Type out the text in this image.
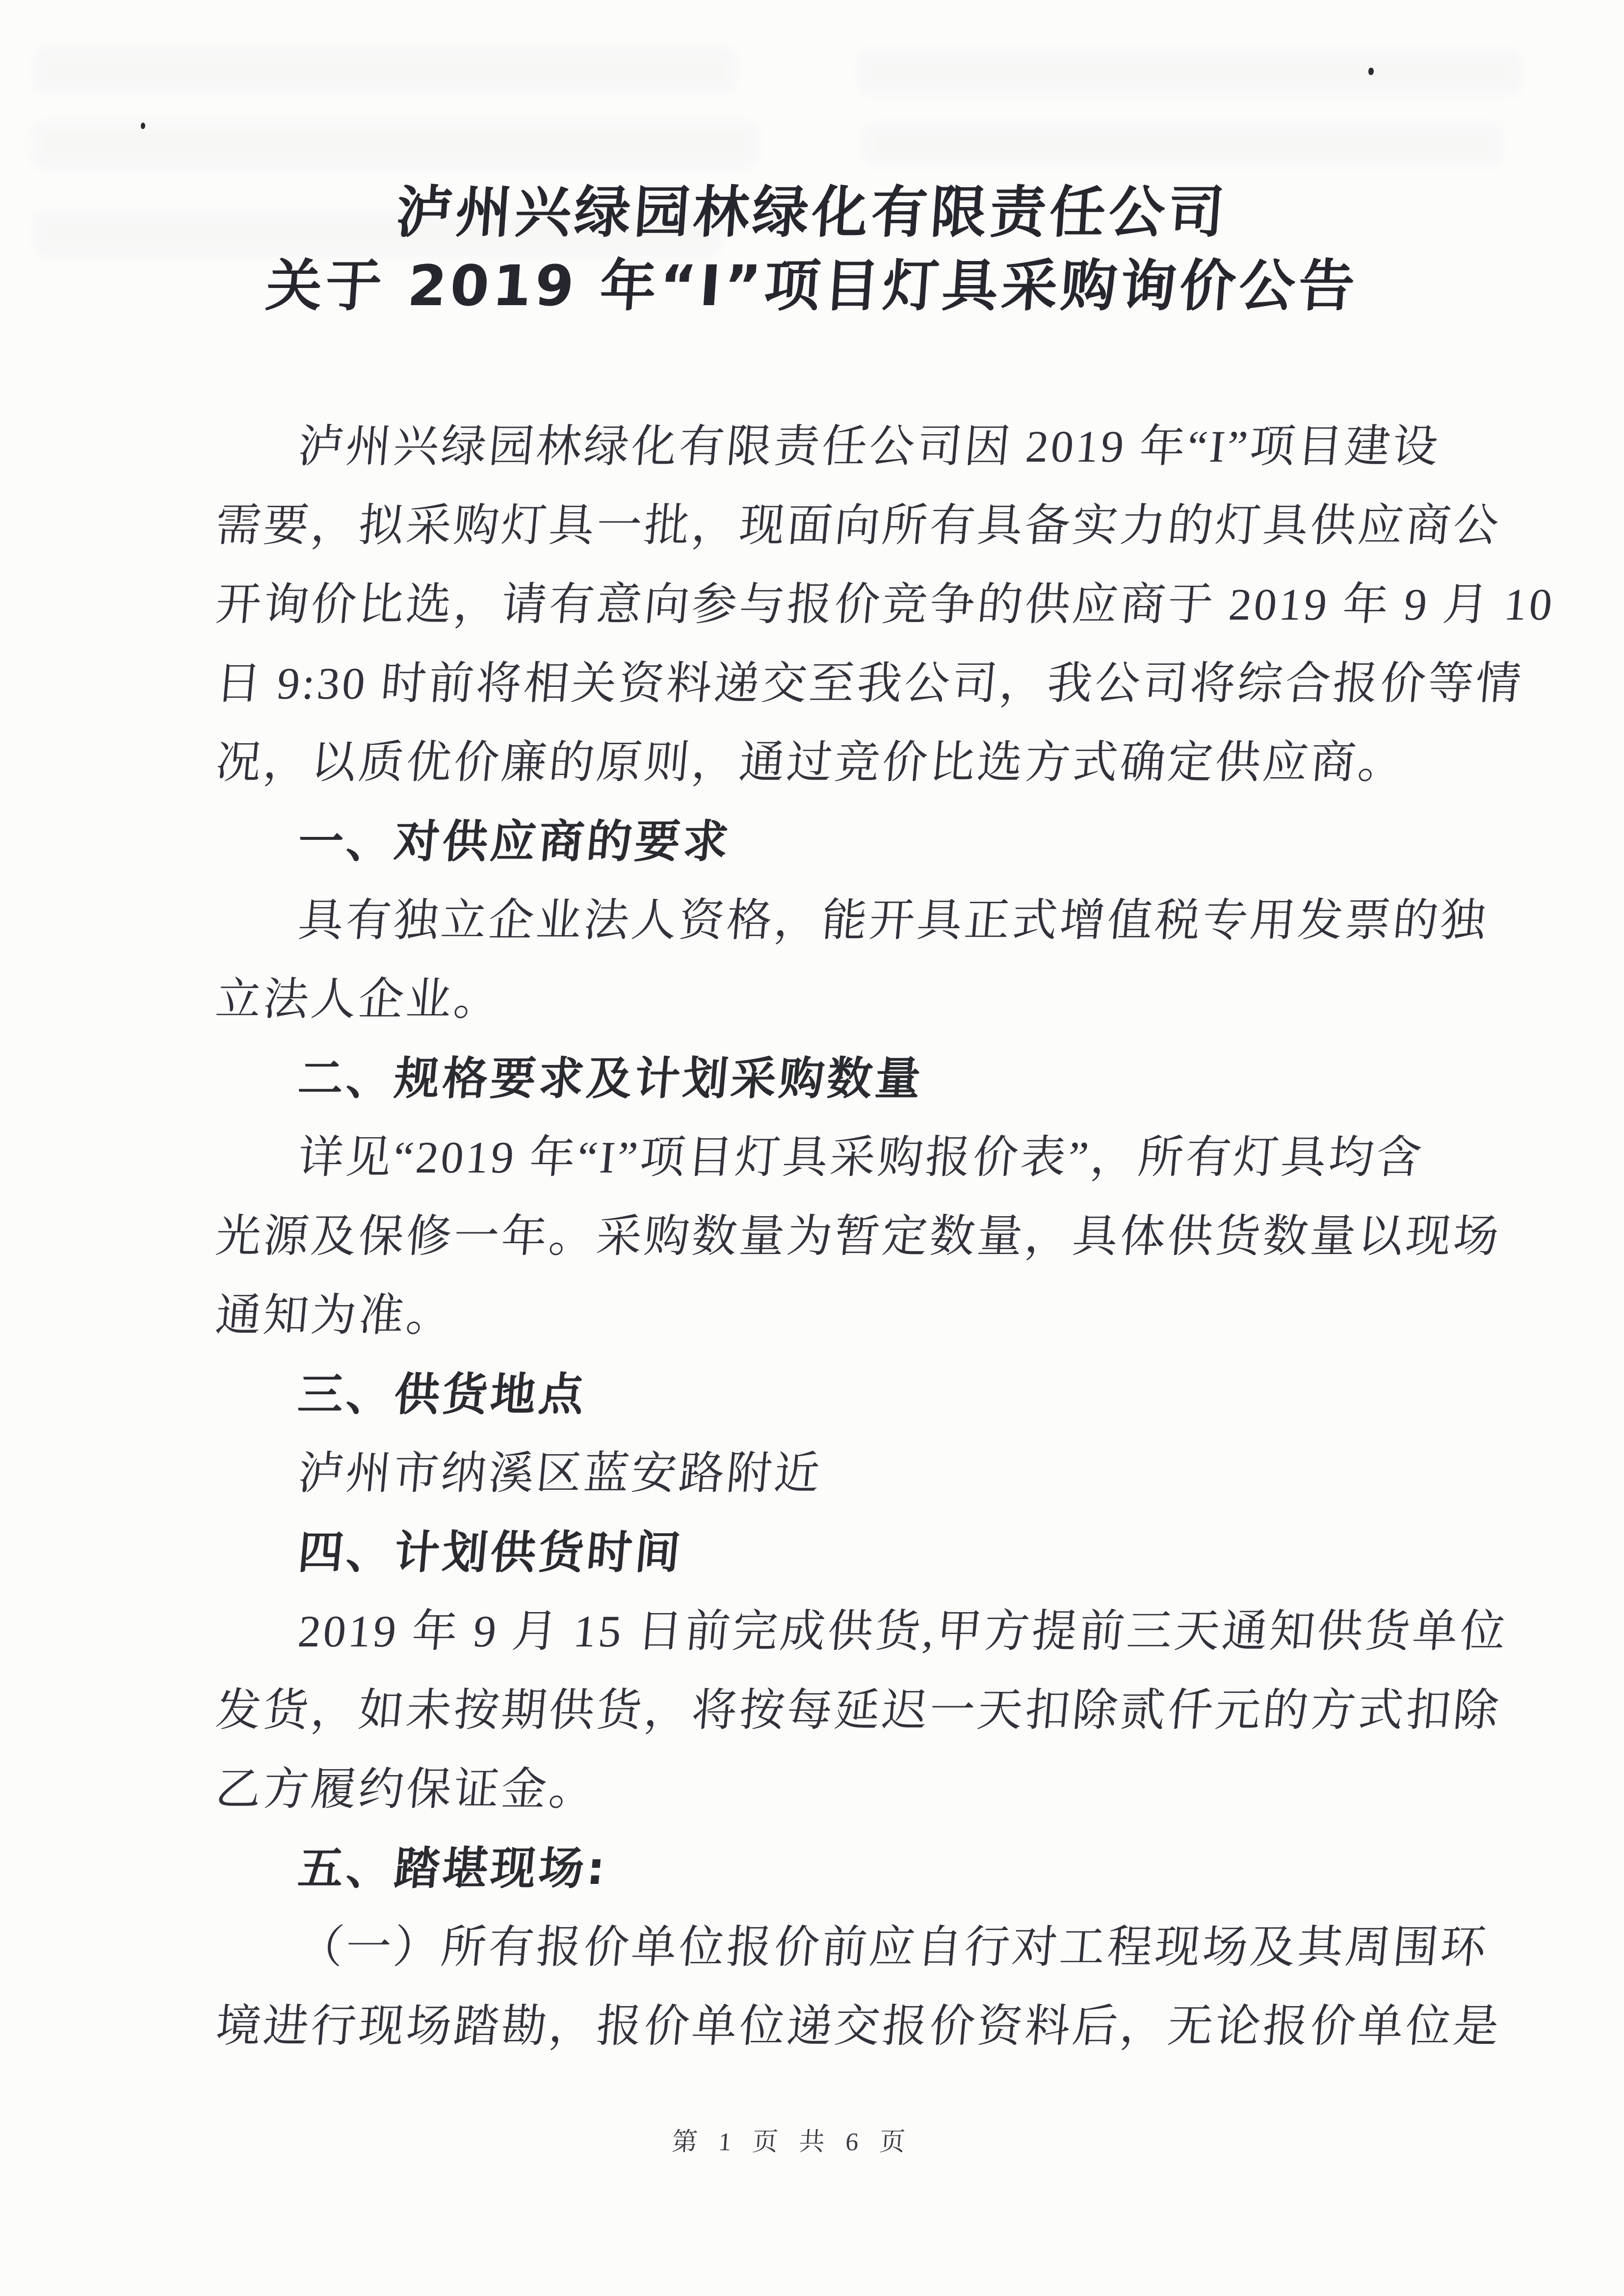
泸州兴绿园林绿化有限责任公司
关于 2019 年“I”项目灯具采购询价公告
泸州兴绿园林绿化有限责任公司因 2019 年“I”项目建设
需要，拟采购灯具一批，现面向所有具备实力的灯具供应商公
开询价比选，请有意向参与报价竞争的供应商于 2019 年 9 月 10
日 9:30 时前将相关资料递交至我公司，我公司将综合报价等情
况，以质优价廉的原则，通过竞价比选方式确定供应商。
一、对供应商的要求
具有独立企业法人资格，能开具正式增值税专用发票的独
立法人企业。
二、规格要求及计划采购数量
详见“2019 年“I”项目灯具采购报价表”，所有灯具均含
光源及保修一年。采购数量为暂定数量，具体供货数量以现场
通知为准。
三、供货地点
泸州市纳溪区蓝安路附近
四、计划供货时间
2019 年 9 月 15 日前完成供货,甲方提前三天通知供货单位
发货，如未按期供货，将按每延迟一天扣除贰仟元的方式扣除
乙方履约保证金。
五、踏堪现场:
（一）所有报价单位报价前应自行对工程现场及其周围环
境进行现场踏勘，报价单位递交报价资料后，无论报价单位是
第 1 页 共 6 页
